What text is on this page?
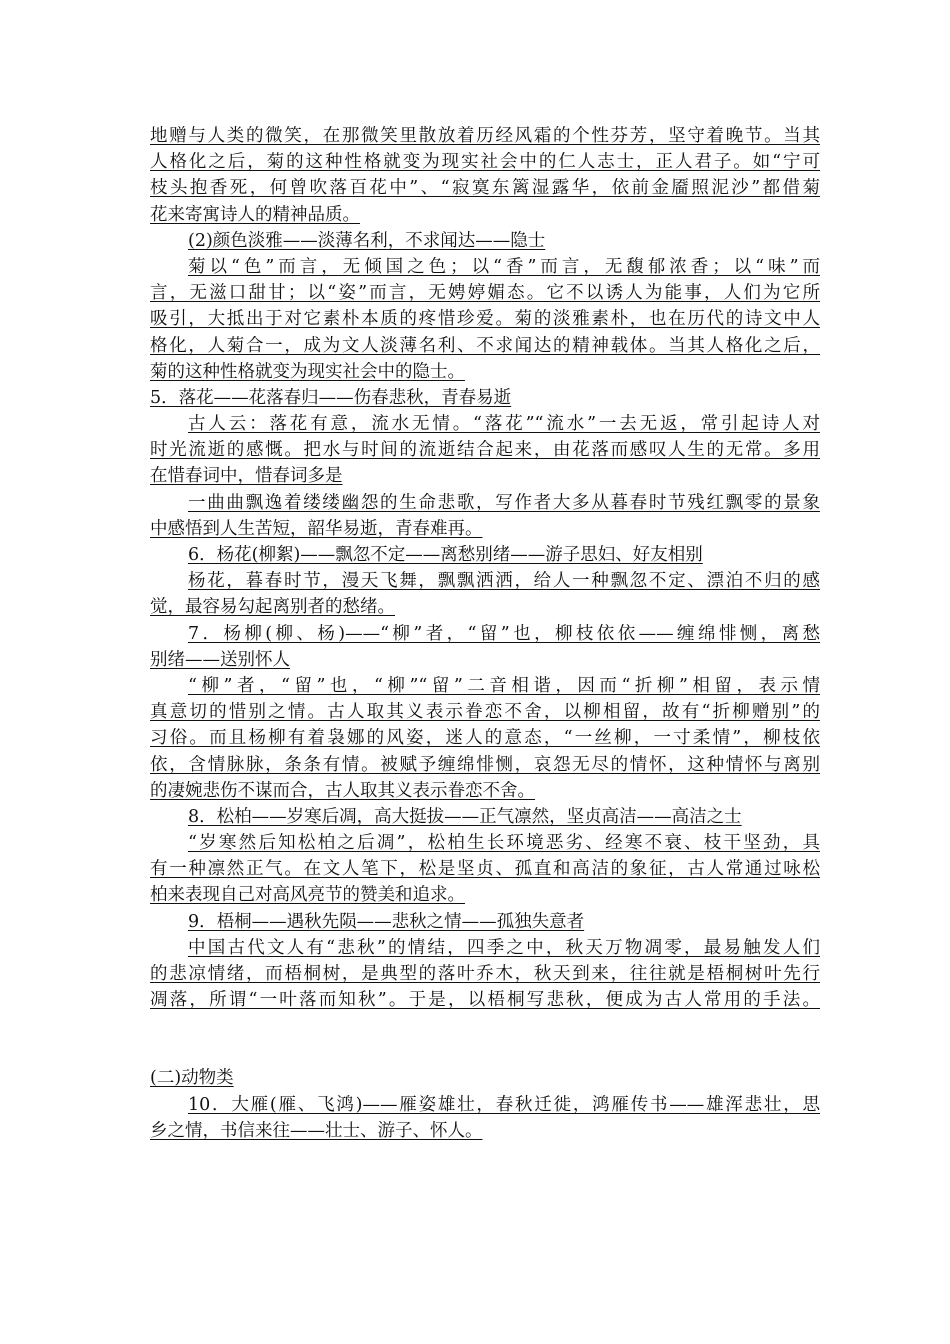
地赠与人类的微笑，在那微笑里散放着历经风霜的个性芬芳，坚守着晚节。当其
人格化之后，菊的这种性格就变为现实社会中的仁人志士，正人君子。如“宁可
枝头抱香死，何曾吹落百花中”、“寂寞东篱湿露华，依前金靥照泥沙”都借菊
花来寄寓诗人的精神品质。
(2)颜色淡雅——淡薄名利，不求闻达——隐士
菊以“色”而言，无倾国之色；以“香”而言，无馥郁浓香；以“味”而
言，无滋口甜甘；以“姿”而言，无娉婷媚态。它不以诱人为能事，人们为它所
吸引，大抵出于对它素朴本质的疼惜珍爱。菊的淡雅素朴，也在历代的诗文中人
格化，人菊合一，成为文人淡薄名利、不求闻达的精神载体。当其人格化之后，
菊的这种性格就变为现实社会中的隐士。
5．落花——花落春归——伤春悲秋，青春易逝
古人云：落花有意，流水无情。“落花”“流水”一去无返，常引起诗人对
时光流逝的感慨。把水与时间的流逝结合起来，由花落而感叹人生的无常。多用
在惜春词中，惜春词多是
一曲曲飘逸着缕缕幽怨的生命悲歌，写作者大多从暮春时节残红飘零的景象
中感悟到人生苦短，韶华易逝，青春难再。
6．杨花(柳絮)——飘忽不定——离愁别绪——游子思妇、好友相别
杨花，暮春时节，漫天飞舞，飘飘洒洒，给人一种飘忽不定、漂泊不归的感
觉，最容易勾起离别者的愁绪。
7．杨柳(柳、杨)——“柳”者，“留”也，柳枝依依——缠绵悱恻，离愁
别绪——送别怀人
“柳”者，“留”也，“柳”“留”二音相谐，因而“折柳”相留，表示情
真意切的惜别之情。古人取其义表示眷恋不舍，以柳相留，故有“折柳赠别”的
习俗。而且杨柳有着袅娜的风姿，迷人的意态，“一丝柳，一寸柔情”，柳枝依
依，含情脉脉，条条有情。被赋予缠绵悱恻，哀怨无尽的情怀，这种情怀与离别
的凄婉悲伤不谋而合，古人取其义表示眷恋不舍。
8．松柏——岁寒后凋，高大挺拔——正气凛然，坚贞高洁——高洁之士
“岁寒然后知松柏之后凋”，松柏生长环境恶劣、经寒不衰、枝干坚劲，具
有一种凛然正气。在文人笔下，松是坚贞、孤直和高洁的象征，古人常通过咏松
柏来表现自己对高风亮节的赞美和追求。
9．梧桐——遇秋先陨——悲秋之情——孤独失意者
中国古代文人有“悲秋”的情结，四季之中，秋天万物凋零，最易触发人们
的悲凉情绪，而梧桐树，是典型的落叶乔木，秋天到来，往往就是梧桐树叶先行
凋落，所谓“一叶落而知秋”。于是，以梧桐写悲秋，便成为古人常用的手法。
(二)动物类
10．大雁(雁、飞鸿)——雁姿雄壮，春秋迁徙，鸿雁传书——雄浑悲壮，思
乡之情，书信来往——壮士、游子、怀人。
